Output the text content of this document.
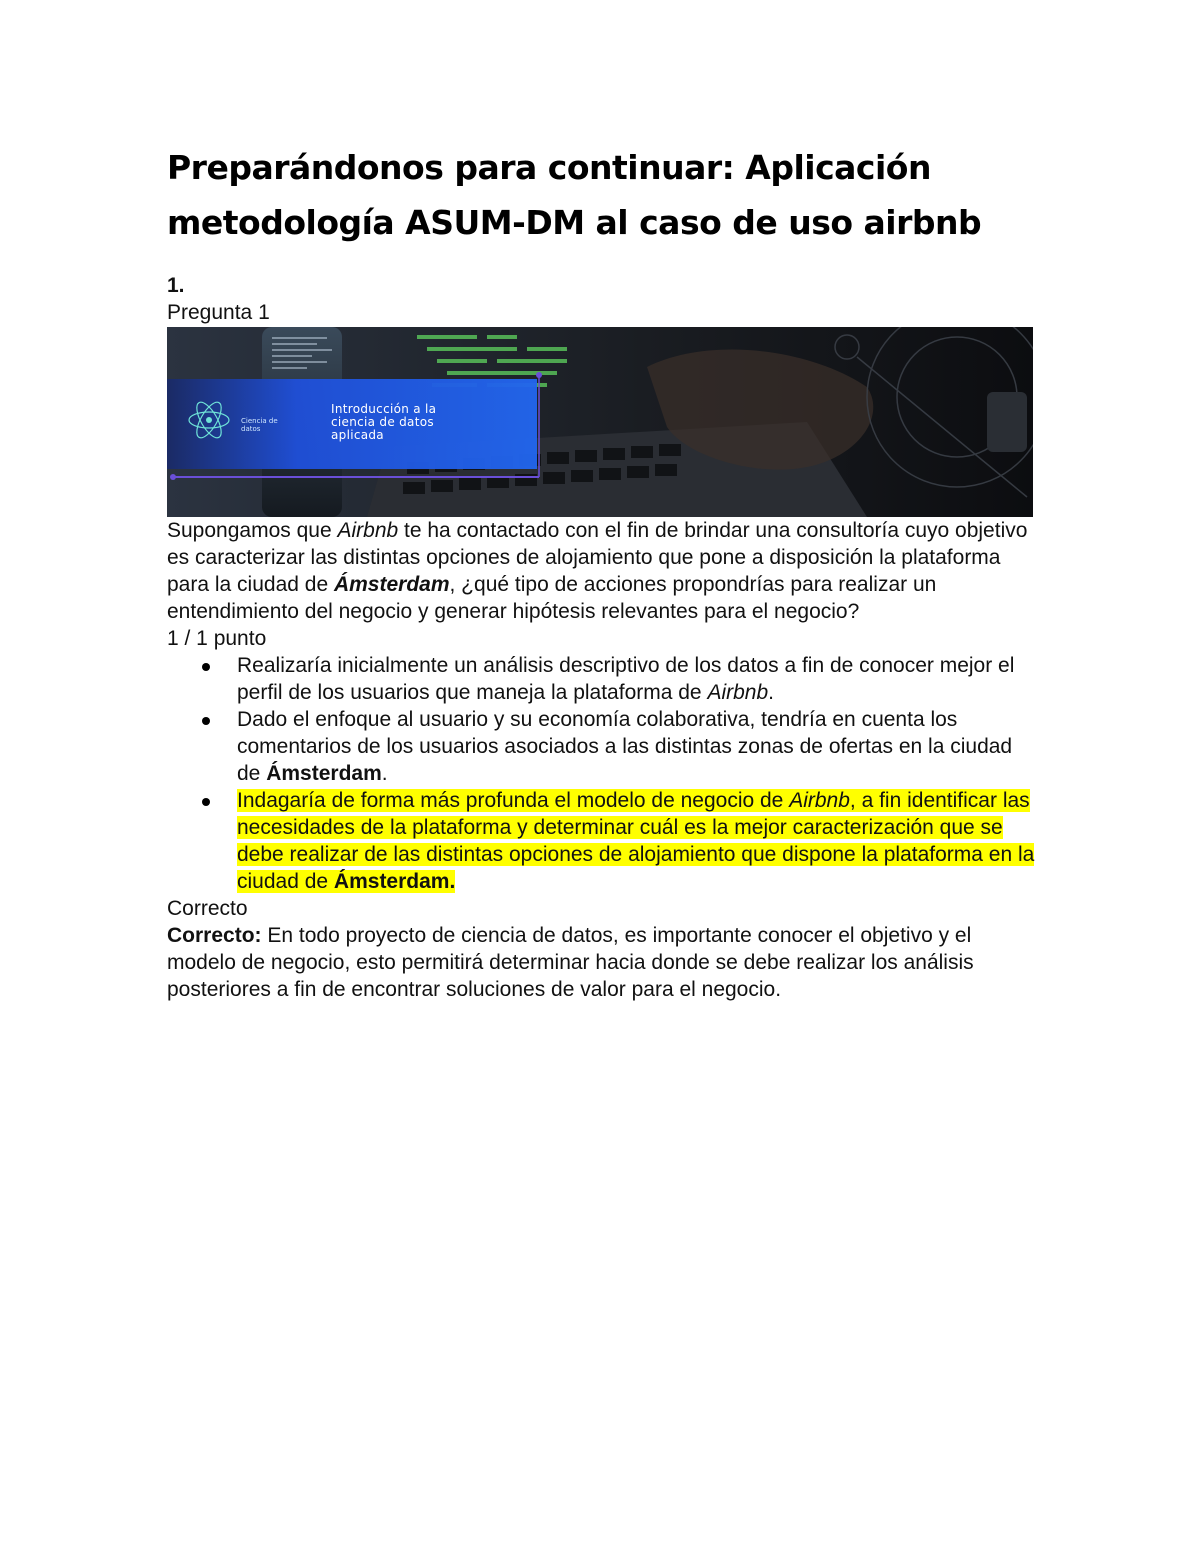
Preparándonos para continuar: Aplicación metodología ASUM-DM al caso de uso airbnb

1.

Pregunta 1

Ciencia de datos
Introducción a la ciencia de datos aplicada

Supongamos que Airbnb te ha contactado con el fin de brindar una consultoría cuyo objetivo es caracterizar las distintas opciones de alojamiento que pone a disposición la plataforma para la ciudad de Ámsterdam, ¿qué tipo de acciones propondrías para realizar un entendimiento del negocio y generar hipótesis relevantes para el negocio?

1 / 1 punto

Realizaría inicialmente un análisis descriptivo de los datos a fin de conocer mejor el perfil de los usuarios que maneja la plataforma de Airbnb.
Dado el enfoque al usuario y su economía colaborativa, tendría en cuenta los comentarios de los usuarios asociados a las distintas zonas de ofertas en la ciudad de Ámsterdam.
Indagaría de forma más profunda el modelo de negocio de Airbnb, a fin identificar las necesidades de la plataforma y determinar cuál es la mejor caracterización que se debe realizar de las distintas opciones de alojamiento que dispone la plataforma en la ciudad de Ámsterdam.

Correcto

Correcto: En todo proyecto de ciencia de datos, es importante conocer el objetivo y el modelo de negocio, esto permitirá determinar hacia donde se debe realizar los análisis posteriores a fin de encontrar soluciones de valor para el negocio.
